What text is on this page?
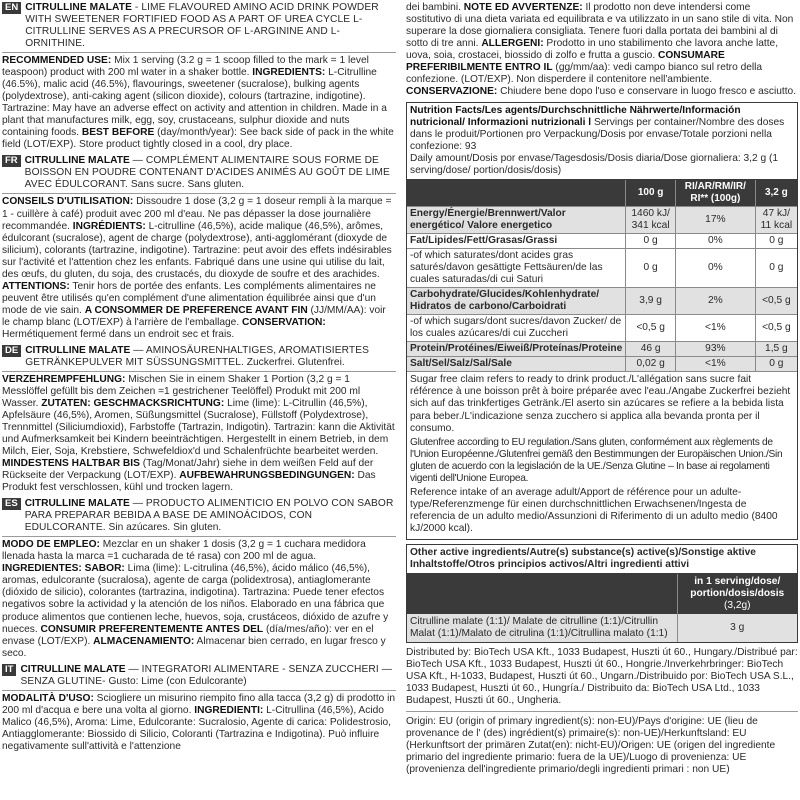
EN CITRULLINE MALATE - LIME FLAVOURED AMINO ACID DRINK POWDER WITH SWEETENER FORTIFIED FOOD AS A PART OF UREA CYCLE L-CITRULLINE SERVES AS A PRECURSOR OF L-ARGININE AND L-ORNITHINE.
RECOMMENDED USE: Mix 1 serving (3.2 g = 1 scoop filled to the mark = 1 level teaspoon) product with 200 ml water in a shaker bottle. INGREDIENTS: L-Citrulline (46.5%), malic acid (46.5%), flavourings, sweetener (sucralose), bulking agents (polydextrose), anti-caking agent (silicon dioxide), colours (tartrazine, indigotine). Tartrazine: May have an adverse effect on activity and attention in children. Made in a plant that manufactures milk, egg, soy, crustaceans, sulphur dioxide and nuts containing foods. BEST BEFORE (day/month/year): See back side of pack in the white field (LOT/EXP). Store product tightly closed in a cool, dry place.
FR CITRULLINE MALATE — COMPLÉMENT ALIMENTAIRE SOUS FORME DE BOISSON EN POUDRE CONTENANT D'ACIDES ANIMÉS AU GOÛT DE LIME AVEC ÉDULCORANT. Sans sucre. Sans gluten.
CONSEILS D'UTILISATION: Dissoudre 1 dose (3,2 g = 1 doseur rempli à la marque = 1 - cuillère à café) produit avec 200 ml d'eau. Ne pas dépasser la dose journalière recommandée. INGRÉDIENTS: L-citrulline (46,5%), acide malique (46,5%), arômes, édulcorant (sucralose), agent de charge (polydextrose), anti-agglomérant (dioxyde de silicium), colorants (tartrazine, indigotine). Tartrazine: peut avoir des effets indésirables sur l'activité et l'attention chez les enfants. Fabriqué dans une usine qui utilise du lait, des œufs, du gluten, du soja, des crustacés, du dioxyde de soufre et des arachides. ATTENTIONS: Tenir hors de portée des enfants. Les compléments alimentaires ne peuvent être utilisés qu'en complément d'une alimentation équilibrée ainsi que d'un mode de vie sain. A CONSOMMER DE PREFERENCE AVANT FIN (JJ/MM/AA): voir le champ blanc (LOT/EXP) à l'arrière de l'emballage. CONSERVATION: Hermétiquement fermé dans un endroit sec et frais.
DE CITRULLINE MALATE — AMINOSÄURENHALTIGES, AROMATISIERTES GETRÄNKEPULVER MIT SÜSSUNGSMITTEL. Zuckerfrei. Glutenfrei.
VERZEHREMPFEHLUNG: Mischen Sie in einem Shaker 1 Portion (3,2 g = 1 Messlöffel gefüllt bis dem Zeichen =1 gestrichener Teelöffel) Produkt mit 200 ml Wasser. ZUTATEN: GESCHMACKSRICHTUNG: Lime (lime): L-Citrullin (46,5%), Apfelsäure (46,5%), Aromen, Süßungsmittel (Sucralose), Füllstoff (Polydextrose), Trennmittel (Siliciumdioxid), Farbstoffe (Tartrazin, Indigotin). Tartrazin: kann die Aktivität und Aufmerksamkeit bei Kindern beeinträchtigen. Hergestellt in einem Betrieb, in dem Milch, Eier, Soja, Krebstiere, Schwefeldiox'd und Schalenfrüchte bearbeitet werden. MINDESTENS HALTBAR BIS (Tag/Monat/Jahr) siehe in dem weißen Feld auf der Rückseite der Verpackung (LOT/EXP). AUFBEWAHRUNGSBEDINGUNGEN: Das Produkt fest verschlossen, kühl und trocken lagern.
ES CITRULLINE MALATE — PRODUCTO ALIMENTICIO EN POLVO CON SABOR PARA PREPARAR BEBIDA A BASE DE AMINOÁCIDOS, CON EDULCORANTE. Sin azúcares. Sin gluten.
MODO DE EMPLEO: Mezclar en un shaker 1 dosis (3,2 g = 1 cuchara medidora llenada hasta la marca =1 cucharada de té rasa) con 200 ml de agua. INGREDIENTES: SABOR: Lima (lime): L-citrulina (46,5%), ácido málico (46,5%), aromas, edulcorante (sucralosa), agente de carga (polidextrosa), antiaglomerante (dióxido de silicio), colorantes (tartrazina, indigotina). Tartrazina: Puede tener efectos negativos sobre la actividad y la atención de los niños. Elaborado en una fábrica que produce alimentos que contienen leche, huevos, soja, crustáceos, dióxido de azufre y nueces. CONSUMIR PREFERENTEMENTE ANTES DEL (día/mes/año): ver en el envase (LOT/EXP). ALMACENAMIENTO: Almacenar bien cerrado, en lugar fresco y seco.
IT CITRULLINE MALATE — INTEGRATORI ALIMENTARE - SENZA ZUCCHERI — SENZA GLUTINE- Gusto: Lime (con Edulcorante)
MODALITÀ D'USO: Sciogliere un misurino riempito fino alla tacca (3,2 g) di prodotto in 200 ml d'acqua e bere una volta al giorno. INGREDIENTI: L-Citrullina (46,5%), Acido Malico (46,5%), Aroma: Lime, Edulcorante: Sucralosio, Agente di carica: Polidestrosio, Antiagglomerante: Biossido di Silicio, Coloranti (Tartrazina e Indigotina). Può influire negativamente sull'attività e l'attenzione
dei bambini. NOTE ED AVVERTENZE: Il prodotto non deve intendersi come sostitutivo di una dieta variata ed equilibrata e va utilizzato in un sano stile di vita. Non superare la dose giornaliera consigliata. Tenere fuori dalla portata dei bambini al di sotto di tre anni. ALLERGENI: Prodotto in uno stabilimento che lavora anche latte, uova, soia, crostacei, biossido di zolfo e frutta a guscio. CONSUMARE PREFERIBILMENTE ENTRO IL (gg/mm/aa): vedi campo bianco sul retro della confezione. (LOT/EXP). Non disperdere il contenitore nell'ambiente. CONSERVAZIONE: Chiudere bene dopo l'uso e conservare in luogo fresco e asciutto.
Nutrition Facts/Les agents/Durchschnittliche Nährwerte/Información nutricional/ Informazioni nutrizionali l Servings per container/Nombre des doses dans le produit/Portionen pro Verpackung/Dosis por envase/Totale porzioni nella confezione: 93
Daily amount/Dosis por envase/Tagesdosis/Dosis diaria/Dose giornaliera: 3,2 g (1 serving/dose/ portion/dosis/dosis)
	100 g	RI/AR/RM/IR/ RI** (100g)	3,2 g
Energy/Énergie/Brennwert/Valor energético/ Valore energetico	1460 kJ/ 341 kcal	17%	47 kJ/ 11 kcal
Fat/Lipides/Fett/Grasas/Grassi	0 g	0%	0 g
-of which saturates/dont acides gras saturés/davon gesättigte Fettsäuren/de las cuales saturadas/di cui Saturi	0 g	0%	0 g
Carbohydrate/Glucides/Kohlenhydrate/ Hidratos de carbono/Carboidrati	3,9 g	2%	<0,5 g
-of which sugars/dont sucres/davon Zucker/ de los cuales azúcares/di cui Zuccheri	<0,5 g	<1%	<0,5 g
Protein/Protéines/Eiweiß/Proteínas/Proteine	46 g	93%	1,5 g
Salt/Sel/Salz/Sal/Sale	0,02 g	<1%	0 g

Sugar free claim refers to ready to drink product./L'allégation sans sucre fait référence à une boisson prêt à boire préparée avec l'eau./Angabe Zuckerfrei bezieht sich auf das trinkfertiges Getränk./El aserto sin azúcares se refiere a la bebida lista para beber./L'indicazione senza zucchero si applica alla bevanda pronta per il consumo.

Glutenfree according to EU regulation./Sans gluten, conformément aux règlements de l'Union Européenne./Glutenfrei gemäß den Bestimmungen der Europäischen Union./Sin gluten de acuerdo con la legislación de la UE./Senza Glutine – In base ai regolamenti vigenti dell'Unione Europea.

Reference intake of an average adult/Apport de référence pour un adulte-type/Referenzmenge für einen durchschnittlichen Erwachsenen/Ingesta de referencia de un adulto medio/Assunzioni di Riferimento di un adulto medio (8400 kJ/2000 kcal).

Other active ingredients/Autre(s) substance(s) active(s)/Sonstige aktive Inhaltstoffe/Otros principios activos/Altri ingredienti attivi
	in 1 serving/dose/ portion/dosis/dosis (3,2g)
Citrulline malate (1:1)/ Malate de citrulline (1:1)/Citrullin Malat (1:1)/Malato de citrulina (1:1)/Citrullina malato (1:1)	3 g

Distributed by: BioTech USA Kft., 1033 Budapest, Huszti út 60., Hungary./Distribué par: BioTech USA Kft., 1033 Budapest, Huszti út 60., Hongrie./Inverkehrbringer: BioTech USA Kft., H-1033, Budapest, Huszti út 60., Ungarn./Distribuido por: BioTech USA S.L., 1033 Budapest, Huszti út 60., Hungría./ Distribuito da: BioTech USA Ltd., 1033 Budapest, Huszti út 60., Ungheria.

Origin: EU (origin of primary ingredient(s): non-EU)/Pays d'origine: UE (lieu de provenance de l' (des) ingrédient(s) primaire(s): non-UE)/Herkunftsland: EU (Herkunftsort der primären Zutat(en): nicht-EU)/Origen: UE (origen del ingrediente primario del ingrediente primario: fuera de la UE)/Luogo di provenienza: UE (provenienza dell'ingrediente primario/degli ingredienti primari : non UE)
